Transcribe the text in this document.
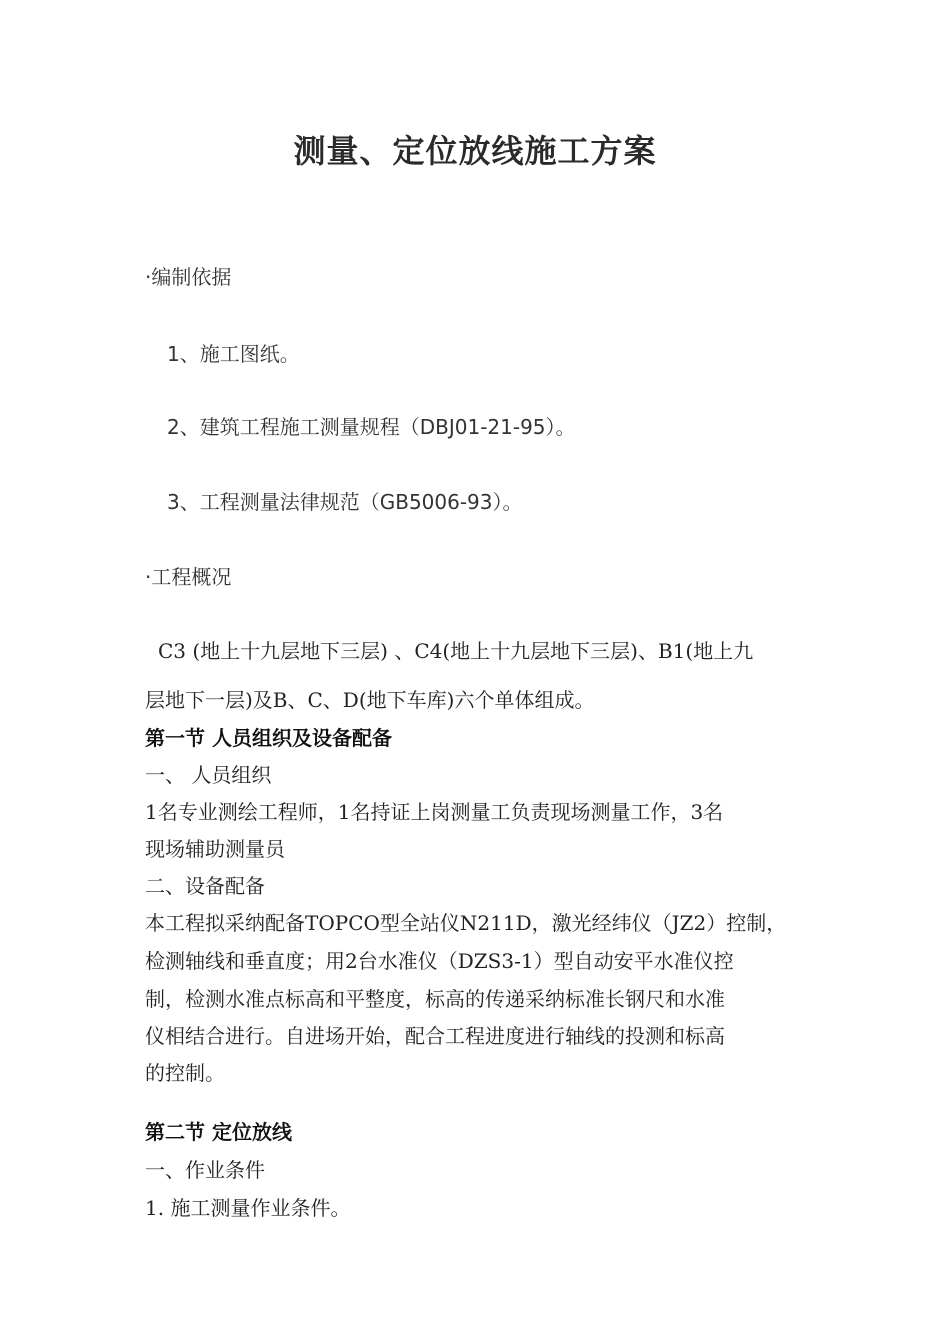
测量、定位放线施工方案
·编制依据
1、施工图纸。
2、建筑工程施工测量规程（DBJ01-21-95）。
3、工程测量法律规范（GB5006-93）。
·工程概况
C3 (地上十九层地下三层) 、C4(地上十九层地下三层)、B1(地上九
层地下一层)及B、C、D(地下车库)六个单体组成。
第一节 人员组织及设备配备
一、 人员组织
1名专业测绘工程师，1名持证上岗测量工负责现场测量工作，3名
现场辅助测量员
二、设备配备
本工程拟采纳配备TOPCO型全站仪N211D，激光经纬仪（JZ2）控制，
检测轴线和垂直度；用2台水准仪（DZS3-1）型自动安平水准仪控
制，检测水准点标高和平整度，标高的传递采纳标准长钢尺和水准
仪相结合进行。自进场开始，配合工程进度进行轴线的投测和标高
的控制。
第二节 定位放线
一、作业条件
1. 施工测量作业条件。
